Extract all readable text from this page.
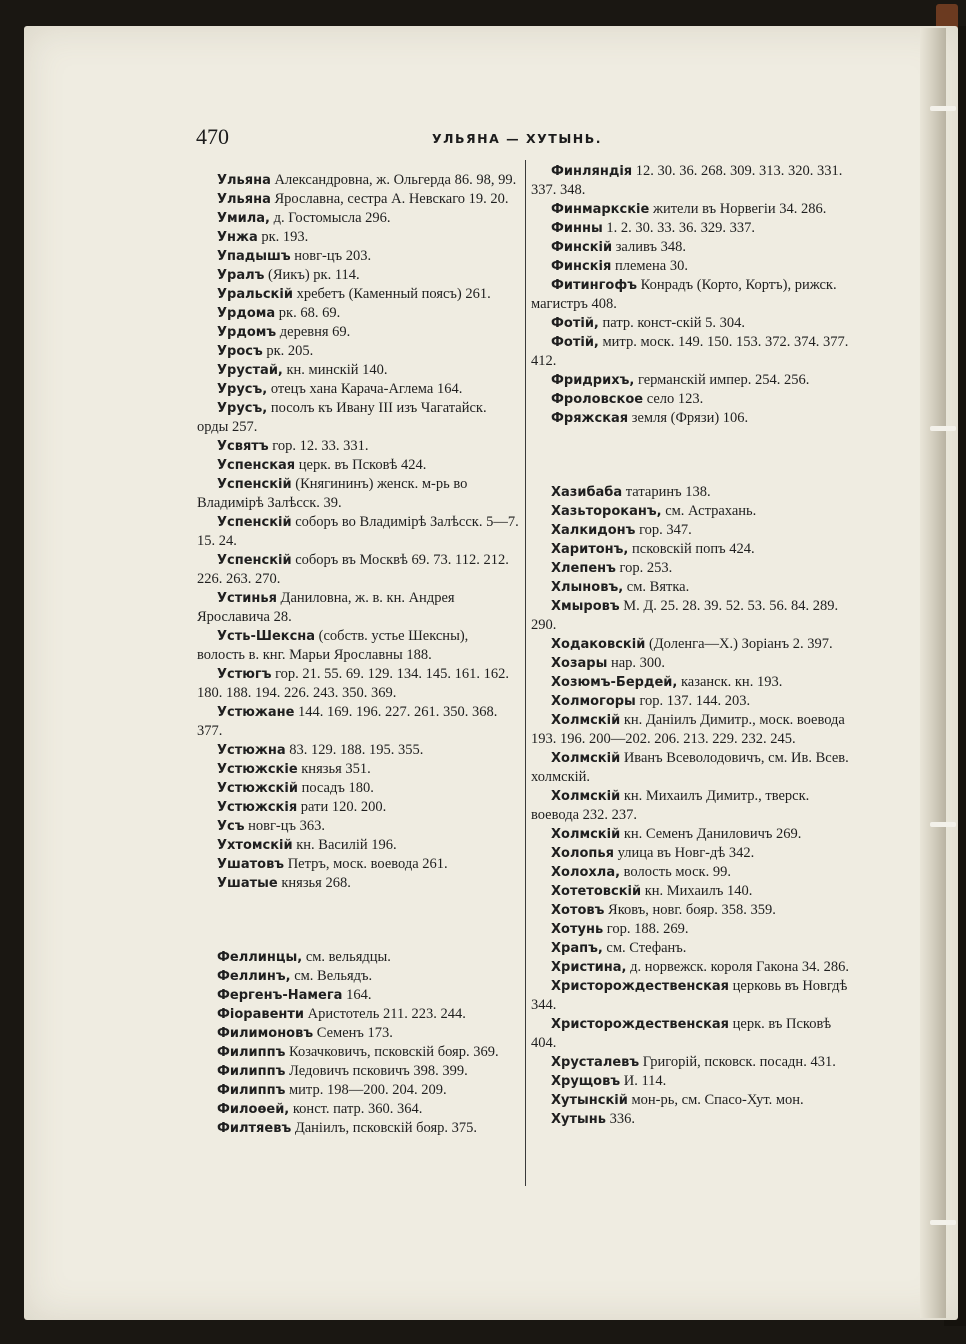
470	УЛЬЯНА — ХУТЫНЬ.
Ульяна Александровна, ж. Ольгерда 86. 98, 99.
Ульяна Ярославна, сестра А. Невскаго 19. 20.
Умила, д. Гостомысла 296.
Унжа рк. 193.
Упадышъ новг-цъ 203.
Уралъ (Яикъ) рк. 114.
Уральскій хребетъ (Каменный поясъ) 261.
Урдома рк. 68. 69.
Урдомъ деревня 69.
Уросъ рк. 205.
Урустай, кн. минскій 140.
Урусъ, отецъ хана Карача-Аглема 164.
Урусъ, посолъ къ Ивану III изъ Чагатайск. орды 257.
Усвятъ гор. 12. 33. 331.
Успенская церк. въ Псковѣ 424.
Успенскій (Княгининъ) женск. м-рь во Владимірѣ Залѣсск. 39.
Успенскій соборъ во Владимірѣ Залѣсск. 5—7. 15. 24.
Успенскій соборъ въ Москвѣ 69. 73. 112. 212. 226. 263. 270.
Устинья Даниловна, ж. в. кн. Андрея Ярославича 28.
Усть-Шексна (собств. устье Шексны), волость в. кнг. Марьи Ярославны 188.
Устюгъ гор. 21. 55. 69. 129. 134. 145. 161. 162. 180. 188. 194. 226. 243. 350. 369.
Устюжане 144. 169. 196. 227. 261. 350. 368. 377.
Устюжна 83. 129. 188. 195. 355.
Устюжскіе князья 351.
Устюжскій посадъ 180.
Устюжскія рати 120. 200.
Усъ новг-цъ 363.
Ухтомскій кн. Василій 196.
Ушатовъ Петръ, моск. воевода 261.
Ушатые князья 268.
Феллинцы, см. вельядцы.
Феллинъ, см. Вельядъ.
Фергенъ-Намега 164.
Фіоравенти Аристотель 211. 223. 244.
Филимоновъ Семенъ 173.
Филиппъ Козачковичъ, псковскій бояр. 369.
Филиппъ Ледовичъ псковичъ 398. 399.
Филиппъ митр. 198—200. 204. 209.
Филоѳей, конст. патр. 360. 364.
Филтяевъ Даніилъ, псковскій бояр. 375.
Финляндія 12. 30. 36. 268. 309. 313. 320. 331. 337. 348.
Финмаркскіе жители въ Норвегіи 34. 286.
Финны 1. 2. 30. 33. 36. 329. 337.
Финскій заливъ 348.
Финскія племена 30.
Фитингофъ Конрадъ (Корто, Кортъ), рижск. магистръ 408.
Фотій, патр. конст-скій 5. 304.
Фотій, митр. моск. 149. 150. 153. 372. 374. 377. 412.
Фридрихъ, германскій импер. 254. 256.
Фроловское село 123.
Фряжская земля (Фрязи) 106.
Хазибаба татаринъ 138.
Хазьтороканъ, см. Астрахань.
Халкидонъ гор. 347.
Харитонъ, псковскій попъ 424.
Хлепенъ гор. 253.
Хлыновъ, см. Вятка.
Хмыровъ М. Д. 25. 28. 39. 52. 53. 56. 84. 289. 290.
Ходаковскій (Доленга—Х.) Зоріанъ 2. 397.
Хозары нар. 300.
Хозюмъ-Бердей, казанск. кн. 193.
Холмогоры гор. 137. 144. 203.
Холмскій кн. Даніилъ Димитр., моск. воевода 193. 196. 200—202. 206. 213. 229. 232. 245.
Холмскій Иванъ Всеволодовичъ, см. Ив. Всев. холмскій.
Холмскій кн. Михаилъ Димитр., тверск. воевода 232. 237.
Холмскій кн. Семенъ Даниловичъ 269.
Холопья улица въ Новг-дѣ 342.
Холохла, волость моск. 99.
Хотетовскій кн. Михаилъ 140.
Хотовъ Яковъ, новг. бояр. 358. 359.
Хотунь гор. 188. 269.
Храпъ, см. Стефанъ.
Христина, д. норвежск. короля Гакона 34. 286.
Христорождественская церковь въ Новгдѣ 344.
Христорождественская церк. въ Псковѣ 404.
Хрусталевъ Григорій, псковск. посадн. 431.
Хрущовъ И. 114.
Хутынскій мон-рь, см. Спасо-Хут. мон.
Хутынь 336.
